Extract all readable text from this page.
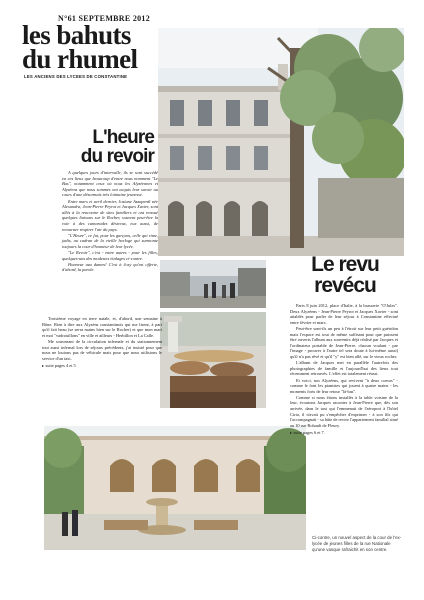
N°61 SEPTEMBRE 2012
les bahuts
du rhumel
LES ANCIENS DES LYCEES DE CONSTANTINE
L'heure
du revoir

A quelques jours d'intervalle, ils se sont succédé en ces lieux que beaucoup d'entre nous nomment "Le Bas", notamment ceux où nous les Alyzéennes et Alyzéens que nous sommes ont acquis leur savoir au cours d'une désormais très lointaine jeunesse.

Entre mars et avril dernier, Josiane Azzaperdi née Alexandra, Jean-Pierre Peyrot et Jacques Xavier, sont allés à la rencontre de sites familiers et ont renoué quelques liaisons sur le Rocher, souvent peut-être la voie à des camarades désireux, eux aussi, de retourner respirer l'air du pays.

"L'Heure", ce fut, pour les garçons, celle qui rime, jadis, au cadran de la vieille horloge qui surmonte toujours la cour d'honneur de leur lycée.

"Le Revoir", c'est - entre autres - pour les filles, quelques-uns des modestes étalages ci-contre.

Honneur aux dames! C'est à Josy qu'est offerte, d'abord, la parole.

Troisième voyage en terre natale, et, d'abord, une semaine à Bône. Rien à dire aux Alyzéns constantinois qui me lisent, à part qu'il fait beau (se serra mains bien sur le Rocher) et que mon mari et moi "vadrouillons" en ville et ailleurs - Herbillon et La Calle.

Me souvenant de la circulation infernale et du stationnement tout aussi infernal lors de séjours précédents, j'ai insisté pour que nous ne louions pas de véhicule mais pour que nous utilisions le service d'un taxi.

suite pages 4 et 5

Le revu
revécu

Paris 8 juin 2012, place d'Italie, à la brasserie "O'Jules". Deux Alyzéens - Jean-Pierre Peyrot et Jacques Xavier - sont attablés pour parler de leur séjour à Constantine effectué entre février et mars.

Peut-être sont-ils un peu à l'étroit sur leur petit guéridon mais l'espace est tout de même suffisant pour que puissent être ouverts l'album aux souvenirs déjà réalisé par Jacques et l'ordinateur portable de Jean-Pierre, chacun voulant - par l'image - prouver à l'autre tel sera doute à lui-même aussi) qu'il n'a pas rêvé et qu'il "y" est bien allé, sur le vieux rocher.

L'album de Jacques met en parallèle l'autrefois des photographies de famille et l'aujourd'hui des lieux tout récemment retrouvés. L'effet est totalement réussi.

Et voici, nos Alyzéens, qui revivent "à deux coeurs" - comme le font les pianistes qui jouent à quatre mains - les moments forts de leur retour "là-bas".

Comme si nous étions installés à la table voisine de la leur, écoutons Jacques raconter à Jean-Pierre que, dès son arrivée, dans le taxi qui l'emmenait de l'aéroport à l'hôtel Cirta, il n'avait pu s'empêcher d'exprimer - à son fils qui l'accompagnait - sa hâte de revoir l'appartement familial situé au 10 rue Rohault de Fleury.

suite pages 6 et 7.

Ci-contre, un nouvel aspect de la cour de l'ex-lycée de jeunes filles de la rue Nationale qu'une vasque rafraichit en son centre.
